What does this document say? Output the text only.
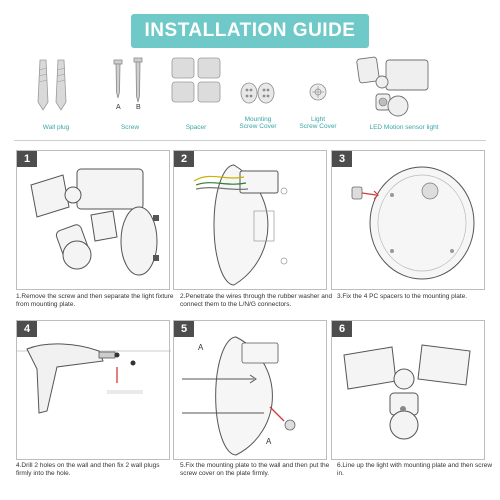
INSTALLATION GUIDE
Wall plug
A B
Screw	Spacer
Mounting
Screw Cover
Light
Screw Cover	LED Motion sensor light
1	2	3
1.Remove the screw and then separate the light fixture from mounting plate.
2.Penetrate the wires through the rubber washer and connect them to the L/N/G connectors.
3.Fix the 4 PC spacers to the mounting plate.
4	5
A
A
6
4.Drill 2 holes on the wall and then fix 2 wall plugs firmly into the hole.
5.Fix the mounting plate to the wall and then put the screw cover on the plate firmly.
6.Line up the light with mounting plate and then screw in.
